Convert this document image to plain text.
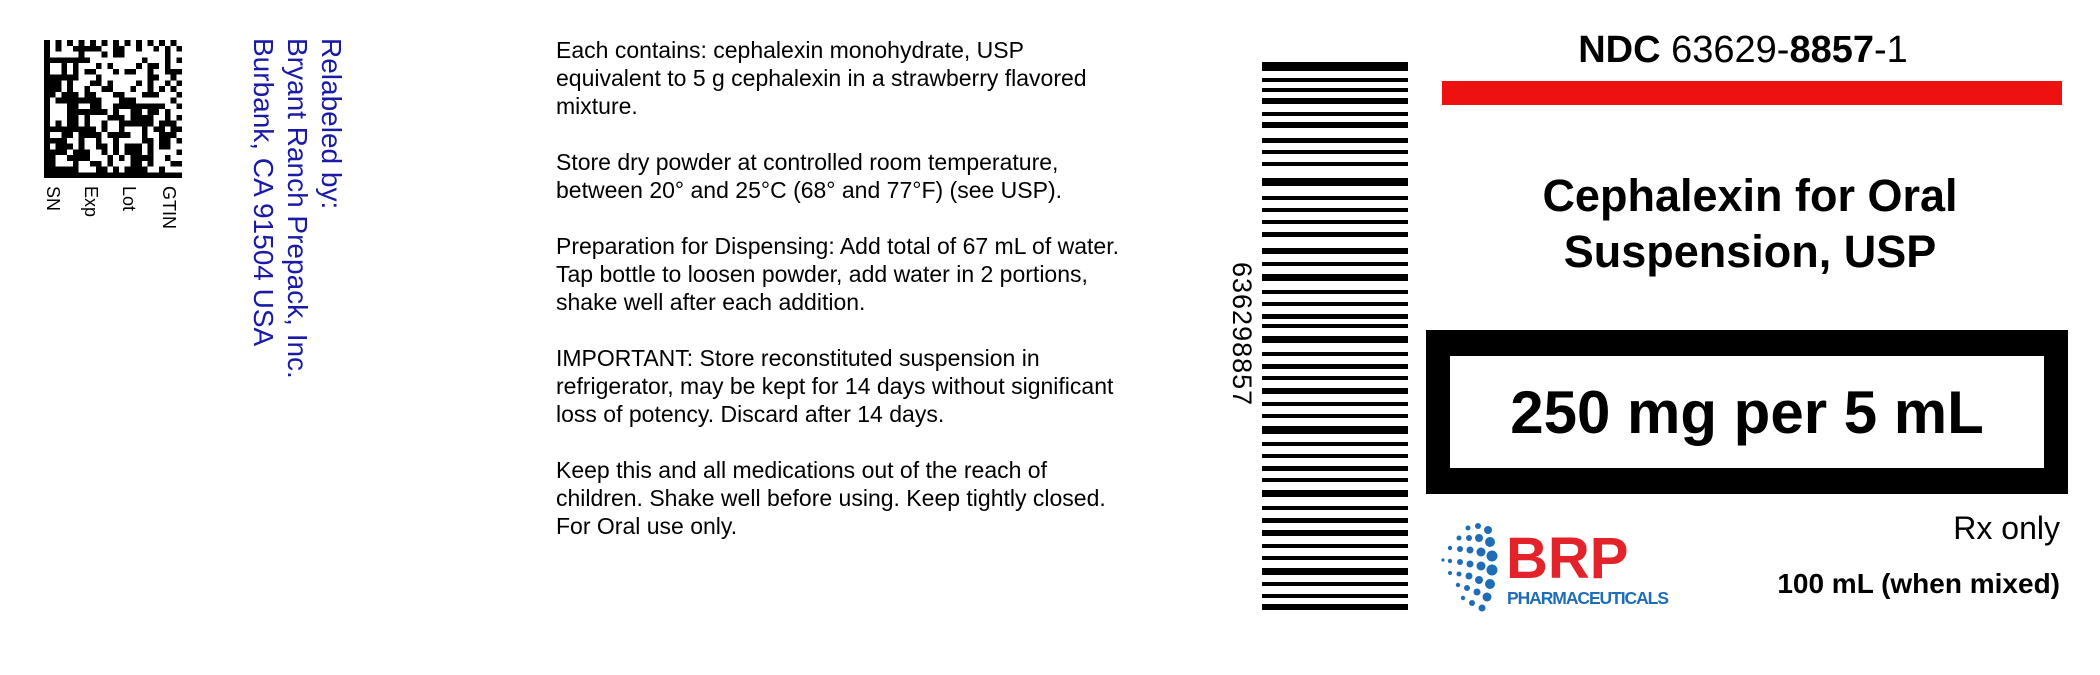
GTIN
Lot
Exp
SN	Relabeled by:
Bryant Ranch Prepack, Inc.
Burbank, CA 91504 USA	Each contains: cephalexin monohydrate, USP
equivalent to 5 g cephalexin in a strawberry flavored
mixture.

Store dry powder at controlled room temperature,
between 20° and 25°C (68° and 77°F) (see USP).

Preparation for Dispensing: Add total of 67 mL of water.
Tap bottle to loosen powder, add water in 2 portions,
shake well after each addition.

IMPORTANT: Store reconstituted suspension in
refrigerator, may be kept for 14 days without significant
loss of potency. Discard after 14 days.

Keep this and all medications out of the reach of
children. Shake well before using. Keep tightly closed.
For Oral use only.

636298857
NDC 63629-8857-1
Cephalexin for Oral
Suspension, USP
250 mg per 5 mL
BRP
PHARMACEUTICALS
Rx only
100 mL (when mixed)
